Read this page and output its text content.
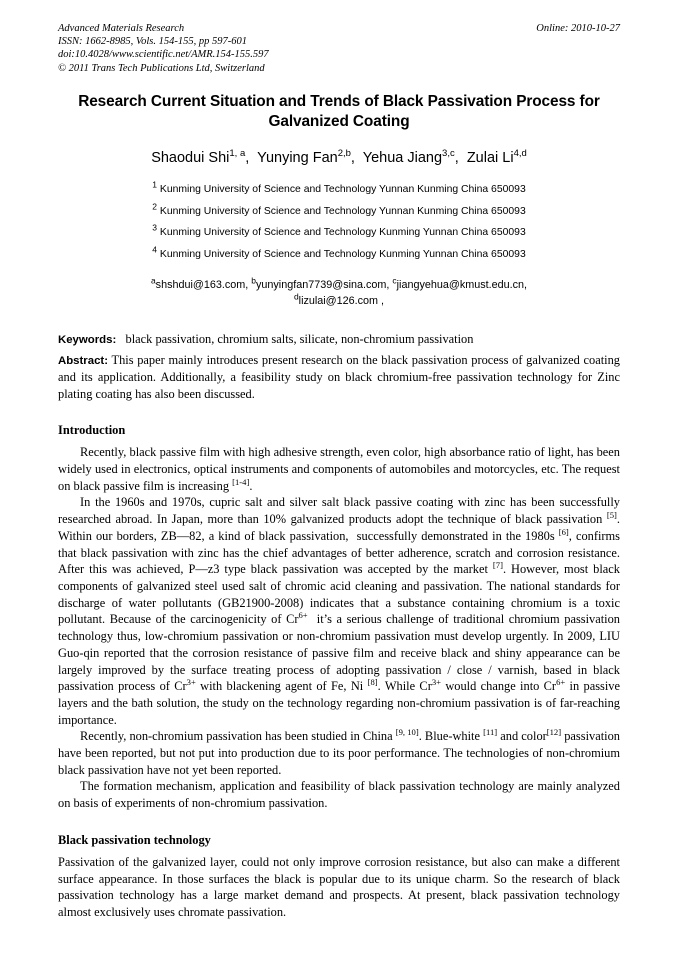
Advanced Materials Research
ISSN: 1662-8985, Vols. 154-155, pp 597-601
doi:10.4028/www.scientific.net/AMR.154-155.597
© 2011 Trans Tech Publications Ltd, Switzerland
Online: 2010-10-27
Research Current Situation and Trends of Black Passivation Process for Galvanized Coating
Shaodui Shi$^{1, a}$,  Yunying Fan$^{2,b}$,  Yehua Jiang$^{3,c}$,  Zulai Li$^{4,d}$
$^1$ Kunming University of Science and Technology Yunnan Kunming China 650093
$^2$ Kunming University of Science and Technology Yunnan Kunming China 650093
$^3$ Kunming University of Science and Technology Kunming Yunnan China 650093
$^4$ Kunming University of Science and Technology Kunming Yunnan China 650093
$^a$shshdui@163.com, $^b$yunyingfan7739@sina.com, $^c$jiangyehua@kmust.edu.cn,
$^d$lizulai@126.com ,
Keywords: black passivation, chromium salts, silicate, non-chromium passivation
Abstract: This paper mainly introduces present research on the black passivation process of galvanized coating and its application. Additionally, a feasibility study on black chromium-free passivation technology for Zinc plating coating has also been discussed.
Introduction

Recently, black passive film with high adhesive strength, even color, high absorbance ratio of light, has been widely used in electronics, optical instruments and components of automobiles and motorcycles, etc. The request on black passive film is increasing [1-4].

In the 1960s and 1970s, cupric salt and silver salt black passive coating with zinc has been successfully researched abroad. In Japan, more than 10% galvanized products adopt the technique of black passivation [5]. Within our borders, ZB—82, a kind of black passivation,  successfully demonstrated in the 1980s [6], confirms that black passivation with zinc has the chief advantages of better adherence, scratch and corrosion resistance. After this was achieved, P—z3 type black passivation was accepted by the market [7]. However, most black components of galvanized steel used salt of chromic acid cleaning and passivation. The national standards for discharge of water pollutants (GB21900-2008) indicates that a substance containing chromium is a toxic pollutant. Because of the carcinogenicity of $Cr^{6+}$  it’s a serious challenge of traditional chromium passivation technology thus, low-chromium passivation or non-chromium passivation must develop urgently. In 2009, LIU Guo-qin reported that the corrosion resistance of passive film and receive black and shiny appearance can be largely improved by the surface treating process of adopting passivation / close / varnish, based in black passivation process of $Cr^{3+}$ with blackening agent of Fe, Ni [8]. While $Cr^{3+}$ would change into $Cr^{6+}$ in passive layers and the bath solution, the study on the technology regarding non-chromium passivation is of far-reaching importance.

Recently, non-chromium passivation has been studied in China [9, 10]. Blue-white [11] and color[12] passivation have been reported, but not put into production due to its poor performance. The technologies of non-chromium black passivation have not yet been reported.

The formation mechanism, application and feasibility of black passivation technology are mainly analyzed on basis of experiments of non-chromium passivation.

Black passivation technology

Passivation of the galvanized layer, could not only improve corrosion resistance, but also can make a different surface appearance. In those surfaces the black is popular due to its unique charm. So the research of black passivation technology has a large market demand and prospects. At present, black passivation technology almost exclusively uses chromate passivation.
